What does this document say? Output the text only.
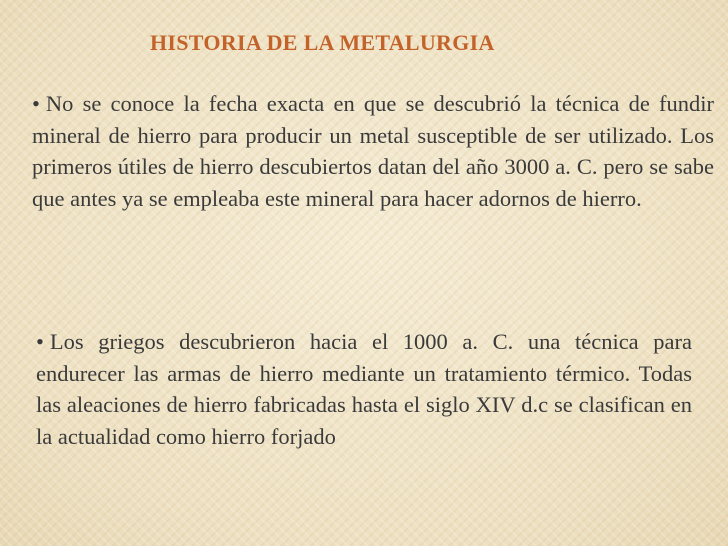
HISTORIA DE LA METALURGIA
• No se conoce la fecha exacta en que se descubrió la técnica de fundir mineral de hierro para producir un metal susceptible de ser utilizado. Los primeros útiles de hierro descubiertos datan del año 3000 a. C. pero se sabe que antes ya se empleaba este mineral para hacer adornos de hierro.
• Los griegos descubrieron hacia el 1000 a. C. una técnica para endurecer las armas de hierro mediante un tratamiento térmico. Todas las aleaciones de hierro fabricadas hasta el siglo XIV d.c se clasifican en la actualidad como hierro forjado
